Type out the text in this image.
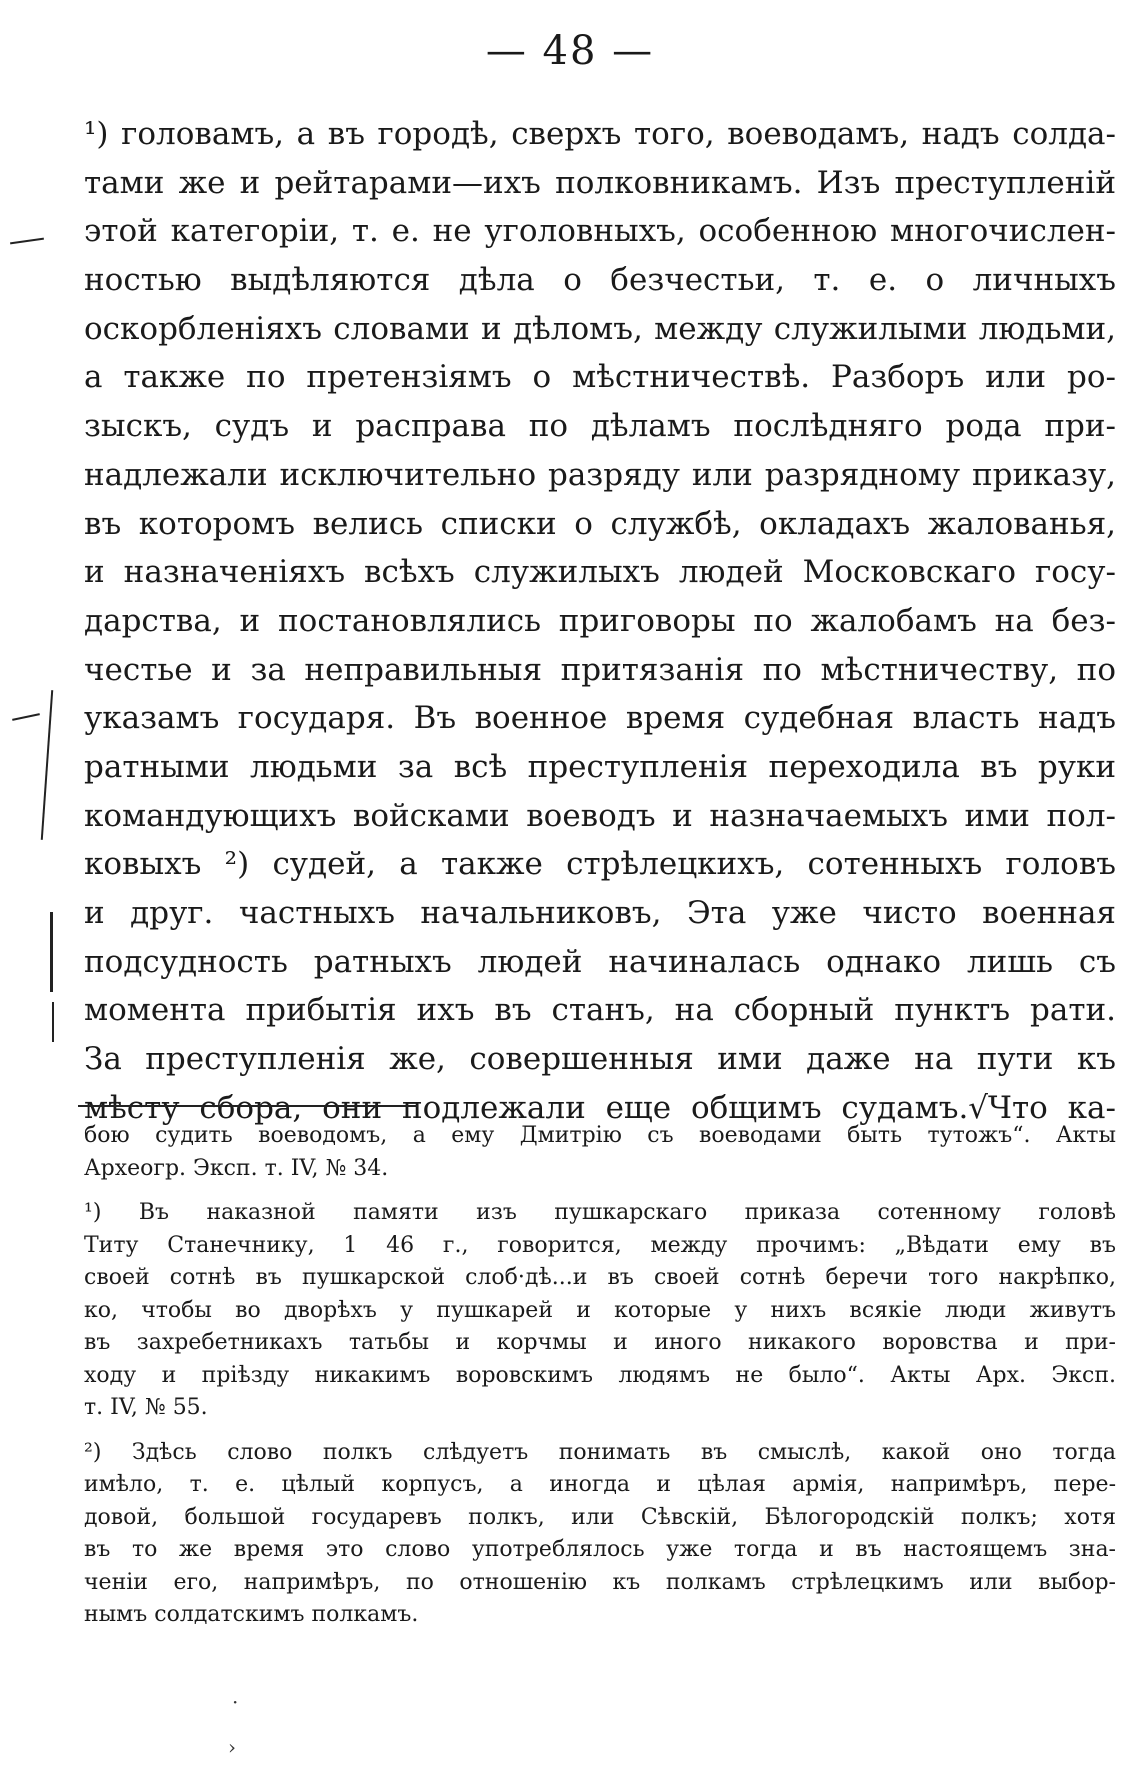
— 48 —
¹) головамъ, а въ городѣ, сверхъ того, воеводамъ, надъ солда-
тами же и рейтарами—ихъ полковникамъ. Изъ преступленій
этой категоріи, т. е. не уголовныхъ, особенною многочислен-
ностью выдѣляются дѣла о безчестьи, т. е. о личныхъ
оскорбленіяхъ словами и дѣломъ, между служилыми людьми,
а также по претензіямъ о мѣстничествѣ. Разборъ или ро-
зыскъ, судъ и расправа по дѣламъ послѣдняго рода при-
надлежали исключительно разряду или разрядному приказу,
въ которомъ велись списки о службѣ, окладахъ жалованья,
и назначеніяхъ всѣхъ служилыхъ людей Московскаго госу-
дарства, и постановлялись приговоры по жалобамъ на без-
честье и за неправильныя притязанія по мѣстничеству, по
указамъ государя. Въ военное время судебная власть надъ
ратными людьми за всѣ преступленія переходила въ руки
командующихъ войсками воеводъ и назначаемыхъ ими пол-
ковыхъ ²) судей, а также стрѣлецкихъ, сотенныхъ головъ
и друг. частныхъ начальниковъ, Эта уже чисто военная
подсудность ратныхъ людей начиналась однако лишь съ
момента прибытія ихъ въ станъ, на сборный пунктъ рати.
За преступленія же, совершенныя ими даже на пути къ
мѣсту сбора, они подлежали еще общимъ судамъ.√Что ка-
бою судить воеводомъ, а ему Дмитрію съ воеводами быть тутожъ“. Акты
Археогр. Эксп. т. IV, № 34.
¹) Въ наказной памяти изъ пушкарскаго приказа сотенному головѣ
Титу Станечнику, 1 46 г., говорится, между прочимъ: „Вѣдати ему въ
своей сотнѣ въ пушкарской слоб·дѣ...и въ своей сотнѣ беречи того накрѣпко,
ко, чтобы во дворѣхъ у пушкарей и которые у нихъ всякіе люди живутъ
въ захребетникахъ татьбы и корчмы и иного никакого воровства и при-
ходу и пріѣзду никакимъ воровскимъ людямъ не было“. Акты Арх. Эксп.
т. IV, № 55.
²) Здѣсь слово полкъ слѣдуетъ понимать въ смыслѣ, какой оно тогда
имѣло, т. е. цѣлый корпусъ, а иногда и цѣлая армія, напримѣръ, пере-
довой, большой государевъ полкъ, или Сѣвскій, Бѣлогородскій полкъ; хотя
въ то же время это слово употреблялось уже тогда и въ настоящемъ зна-
ченіи его, напримѣръ, по отношенію къ полкамъ стрѣлецкимъ или выбор-
нымъ солдатскимъ полкамъ.
·
›
